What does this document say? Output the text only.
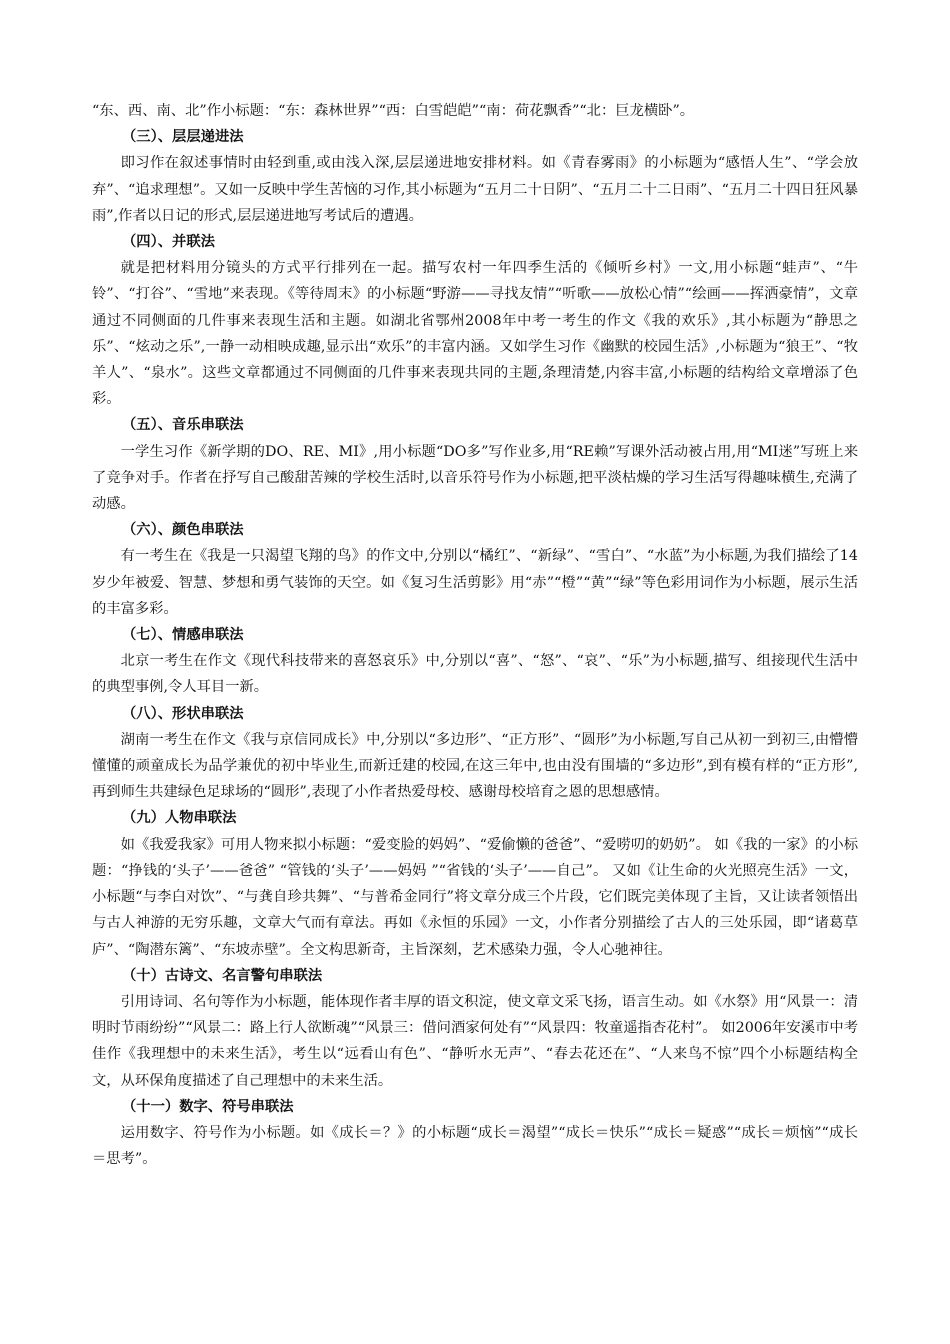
“东、西、南、北”作小标题：“东：森林世界”“西：白雪皑皑”“南：荷花飘香”“北：巨龙横卧”。

（三）、层层递进法

即习作在叙述事情时由轻到重,或由浅入深,层层递进地安排材料。如《青春雾雨》的小标题为“感悟人生”、“学会放弃”、“追求理想”。又如一反映中学生苦恼的习作,其小标题为“五月二十日阴”、“五月二十二日雨”、“五月二十四日狂风暴雨”,作者以日记的形式,层层递进地写考试后的遭遇。

（四）、并联法

就是把材料用分镜头的方式平行排列在一起。描写农村一年四季生活的《倾听乡村》一文,用小标题“蛙声”、“牛铃”、“打谷”、“雪地”来表现。《等待周末》的小标题“野游——寻找友情”“听歌——放松心情”“绘画——挥洒豪情”，文章通过不同侧面的几件事来表现生活和主题。如湖北省鄂州2008年中考一考生的作文《我的欢乐》,其小标题为“静思之乐”、“炫动之乐”,一静一动相映成趣,显示出“欢乐”的丰富内涵。又如学生习作《幽默的校园生活》,小标题为“狼王”、“牧羊人”、“泉水”。这些文章都通过不同侧面的几件事来表现共同的主题,条理清楚,内容丰富,小标题的结构给文章增添了色彩。

（五）、音乐串联法

一学生习作《新学期的DO、RE、MI》,用小标题“DO多”写作业多,用“RE赖”写课外活动被占用,用“MI迷”写班上来了竞争对手。作者在抒写自己酸甜苦辣的学校生活时,以音乐符号作为小标题,把平淡枯燥的学习生活写得趣味横生,充满了动感。

（六）、颜色串联法

有一考生在《我是一只渴望飞翔的鸟》的作文中,分别以“橘红”、“新绿”、“雪白”、“水蓝”为小标题,为我们描绘了14岁少年被爱、智慧、梦想和勇气装饰的天空。如《复习生活剪影》用“赤”“橙”“黄”“绿”等色彩用词作为小标题，展示生活的丰富多彩。

（七）、情感串联法

北京一考生在作文《现代科技带来的喜怒哀乐》中,分别以“喜”、“怒”、“哀”、“乐”为小标题,描写、组接现代生活中的典型事例,令人耳目一新。

（八）、形状串联法

湖南一考生在作文《我与京信同成长》中,分别以“多边形”、“正方形”、“圆形”为小标题,写自己从初一到初三,由懵懵懂懂的顽童成长为品学兼优的初中毕业生,而新迁建的校园,在这三年中,也由没有围墙的“多边形”,到有模有样的“正方形”,再到师生共建绿色足球场的“圆形”,表现了小作者热爱母校、感谢母校培育之恩的思想感情。

（九）人物串联法

如《我爱我家》可用人物来拟小标题：“爱变脸的妈妈”、“爱偷懒的爸爸”、“爱唠叨的奶奶”。 如《我的一家》的小标题：“挣钱的‘头子’——爸爸” “管钱的‘头子’——妈妈 ”“省钱的‘头子’——自己”。 又如《让生命的火光照亮生活》一文，小标题“与李白对饮”、“与龚自珍共舞”、“与普希金同行”将文章分成三个片段，它们既完美体现了主旨，又让读者领悟出与古人神游的无穷乐趣，文章大气而有章法。再如《永恒的乐园》一文，小作者分别描绘了古人的三处乐园，即“诸葛草庐”、“陶潜东篱”、“东坡赤壁”。全文构思新奇，主旨深刻，艺术感染力强，令人心驰神往。

（十）古诗文、名言警句串联法

引用诗词、名句等作为小标题，能体现作者丰厚的语文积淀，使文章文采飞扬，语言生动。如《水祭》用“风景一：清明时节雨纷纷”“风景二：路上行人欲断魂”“风景三：借问酒家何处有”“风景四：牧童遥指杏花村”。 如2006年安溪市中考佳作《我理想中的未来生活》，考生以“远看山有色”、“静听水无声”、“春去花还在”、“人来鸟不惊”四个小标题结构全文，从环保角度描述了自己理想中的未来生活。

（十一）数字、符号串联法

运用数字、符号作为小标题。如《成长＝？》的小标题“成长＝渴望”“成长＝快乐”“成长＝疑惑”“成长＝烦恼”“成长＝思考”。
